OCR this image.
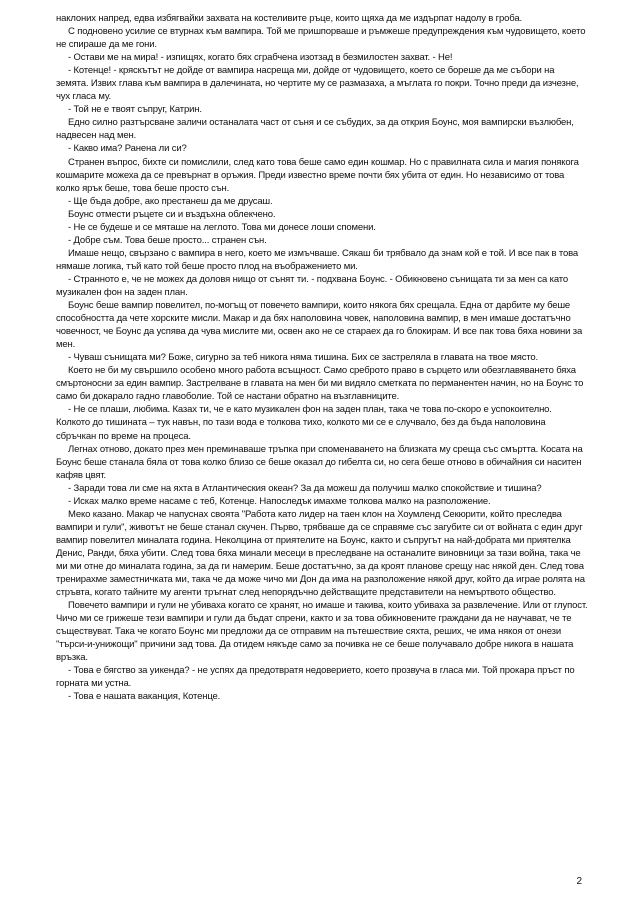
наклоних напред, едва избягвайки захвата на костеливите ръце, които щяха да ме издърпат надолу в гроба.

С подновено усилие се втурнах към вампира. Той ме пришпорваше и ръмжеше предупреждения към чудовището, което не спираше да ме гони.

- Остави ме на мира! - изпищях, когато бях сграбчена изотзад в безмилостен захват. - Не!

- Котенце! - кряскътът не дойде от вампира насреща ми, дойде от чудовището, което се бореше да ме събори на земята. Извих глава към вампира в далечината, но чертите му се размазаха, а мъглата го покри. Точно преди да изчезне, чух гласа му.

- Той не е твоят съпруг, Катрин.

Едно силно разтърсване заличи останалата част от съня и се събудих, за да открия Боунс, моя вампирски възлюбен, надвесен над мен.

- Какво има? Ранена ли си?

Странен въпрос, бихте си помислили, след като това беше само един кошмар. Но с правилната сила и магия понякога кошмарите можеха да се превърнат в оръжия. Преди известно време почти бях убита от един. Но независимо от това колко ярък беше, това беше просто сън.

- Ще бъда добре, ако престанеш да ме друсаш.

Боунс отмести ръцете си и въздъхна облекчено.

- Не се будеше и се мяташе на леглото. Това ми донесе лоши спомени.

- Добре съм. Това беше просто... странен сън.

Имаше нещо, свързано с вампира в него, което ме измъчваше. Сякаш би трябвало да знам кой е той. И все пак в това нямаше логика, тъй като той беше просто плод на въображението ми.

- Странното е, че не можех да доловя нищо от сънят ти. - подхвана Боунс. - Обикновено сънищата ти за мен са като музикален фон на заден план.

Боунс беше вампир повелител, по-могъщ от повечето вампири, които някога бях срещала. Една от дарбите му беше способността да чете хорските мисли. Макар и да бях наполовина човек, наполовина вампир, в мен имаше достатъчно човечност, че Боунс да успява да чува мислите ми, освен ако не се стараех да го блокирам. И все пак това бяха новини за мен.

- Чуваш сънищата ми? Боже, сигурно за теб никога няма тишина. Бих се застреляла в главата на твое място.

Което не би му свършило особено много работа всъщност. Само среброто право в сърцето или обезглавяването бяха смъртоносни за един вампир. Застрелване в главата на мен би ми видяло сметката по перманентен начин, но на Боунс то само би докарало гадно главоболие. Той се настани обратно на възглавниците.

- Не се плаши, любима. Казах ти, че е като музикален фон на заден план, така че това по-скоро е успокоително. Колкото до тишината – тук навън, по тази вода е толкова тихо, колкото ми се е случвало, без да бъда наполовина сбръчкан по време на процеса.

Легнах отново, докато през мен преминаваше тръпка при споменаването на близката му среща със смъртта. Косата на Боунс беше станала бяла от това колко близо се беше оказал до гибелта си, но сега беше отново в обичайния си наситен кафяв цвят.

- Заради това ли сме на яхта в Атлантическия океан? За да можеш да получиш малко спокойствие и тишина?

- Исках малко време насаме с теб, Котенце. Напоследък имахме толкова малко на разположение.

Меко казано. Макар че напуснах своята "Работа като лидер на таен клон на Хоумленд Секюрити, който преследва вампири и гули", животът не беше станал скучен. Първо, трябваше да се справяме със загубите си от войната с един друг вампир повелител миналата година. Неколцина от приятелите на Боунс, както и съпругът на най-добрата ми приятелка Денис, Ранди, бяха убити. След това бяха минали месеци в преследване на останалите виновници за тази война, така че ми ми отне до миналата година, за да ги намерим. Беше достатъчно, за да кроят планове срещу нас някой ден. След това тренирахме заместничката ми, така че да може чичо ми Дон да има на разположение някой друг, който да играе ролята на стръвта, когато тайните му агенти тръгнат след непорядъчно действащите представители на немъртвото общество.

Повечето вампири и гули не убиваха когато се хранят, но имаше и такива, които убиваха за развлечение. Или от глупост. Чичо ми се грижеше тези вампири и гули да бъдат спрени, както и за това обикновените граждани да не научават, че те съществуват. Така че когато Боунс ми предложи да се отправим на пътешествие сяхта, реших, че има някоя от онези "търси-и-унижощи" причини зад това. Да отидем някъде само за почивка не се беше получавало добре никога в нашата връзка.

- Това е бягство за уикенда? - не успях да предотвратя недоверието, което прозвуча в гласа ми. Той прокара пръст по горната ми устна.

- Това е нашата ваканция, Котенце.

2
